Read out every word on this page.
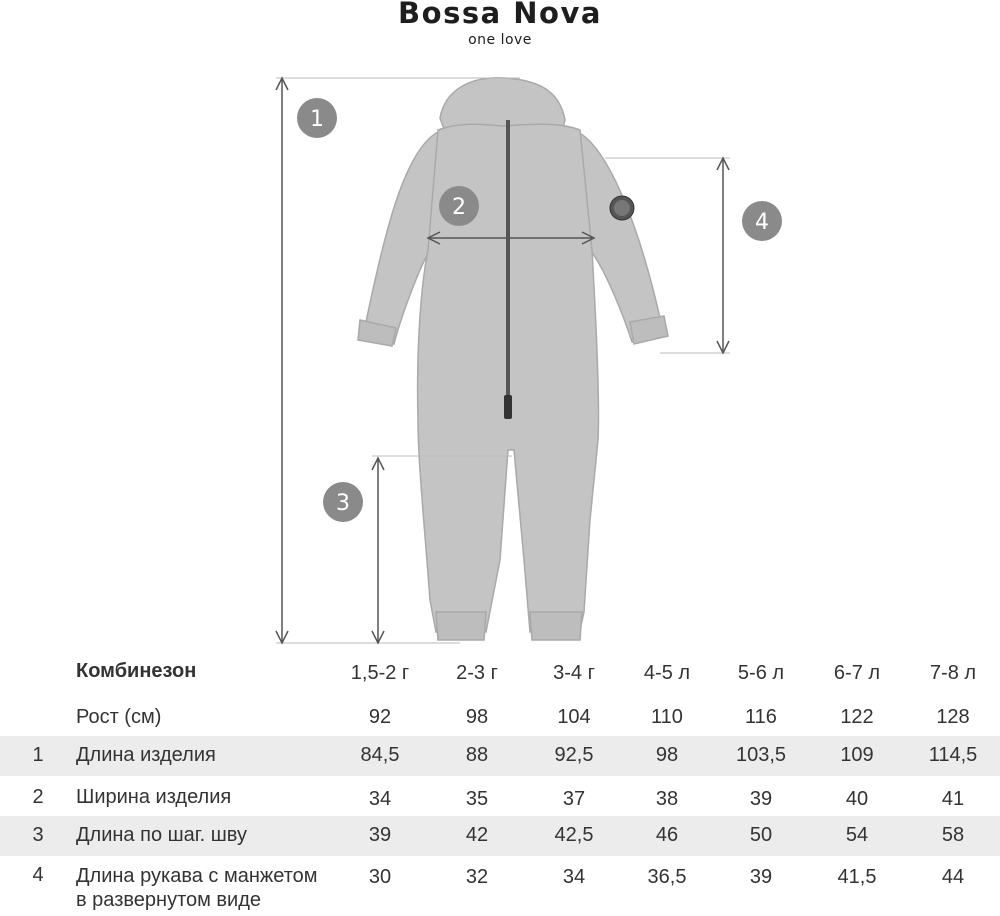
Bossa Nova
one love
1
2
3
4
Комбинезон	1,5-2 г	2-3 г	3-4 г	4-5 л	5-6 л	6-7 л	7-8 л
Рост (см)	92	98	104	110	116	122	128
1	Длина изделия	84,5	88	92,5	98	103,5	109	114,5
2	Ширина изделия	34	35	37	38	39	40	41
3	Длина по шаг. шву	39	42	42,5	46	50	54	58
4	Длина рукава с манжетом
в развернутом виде
30	32	34	36,5	39	41,5	44
